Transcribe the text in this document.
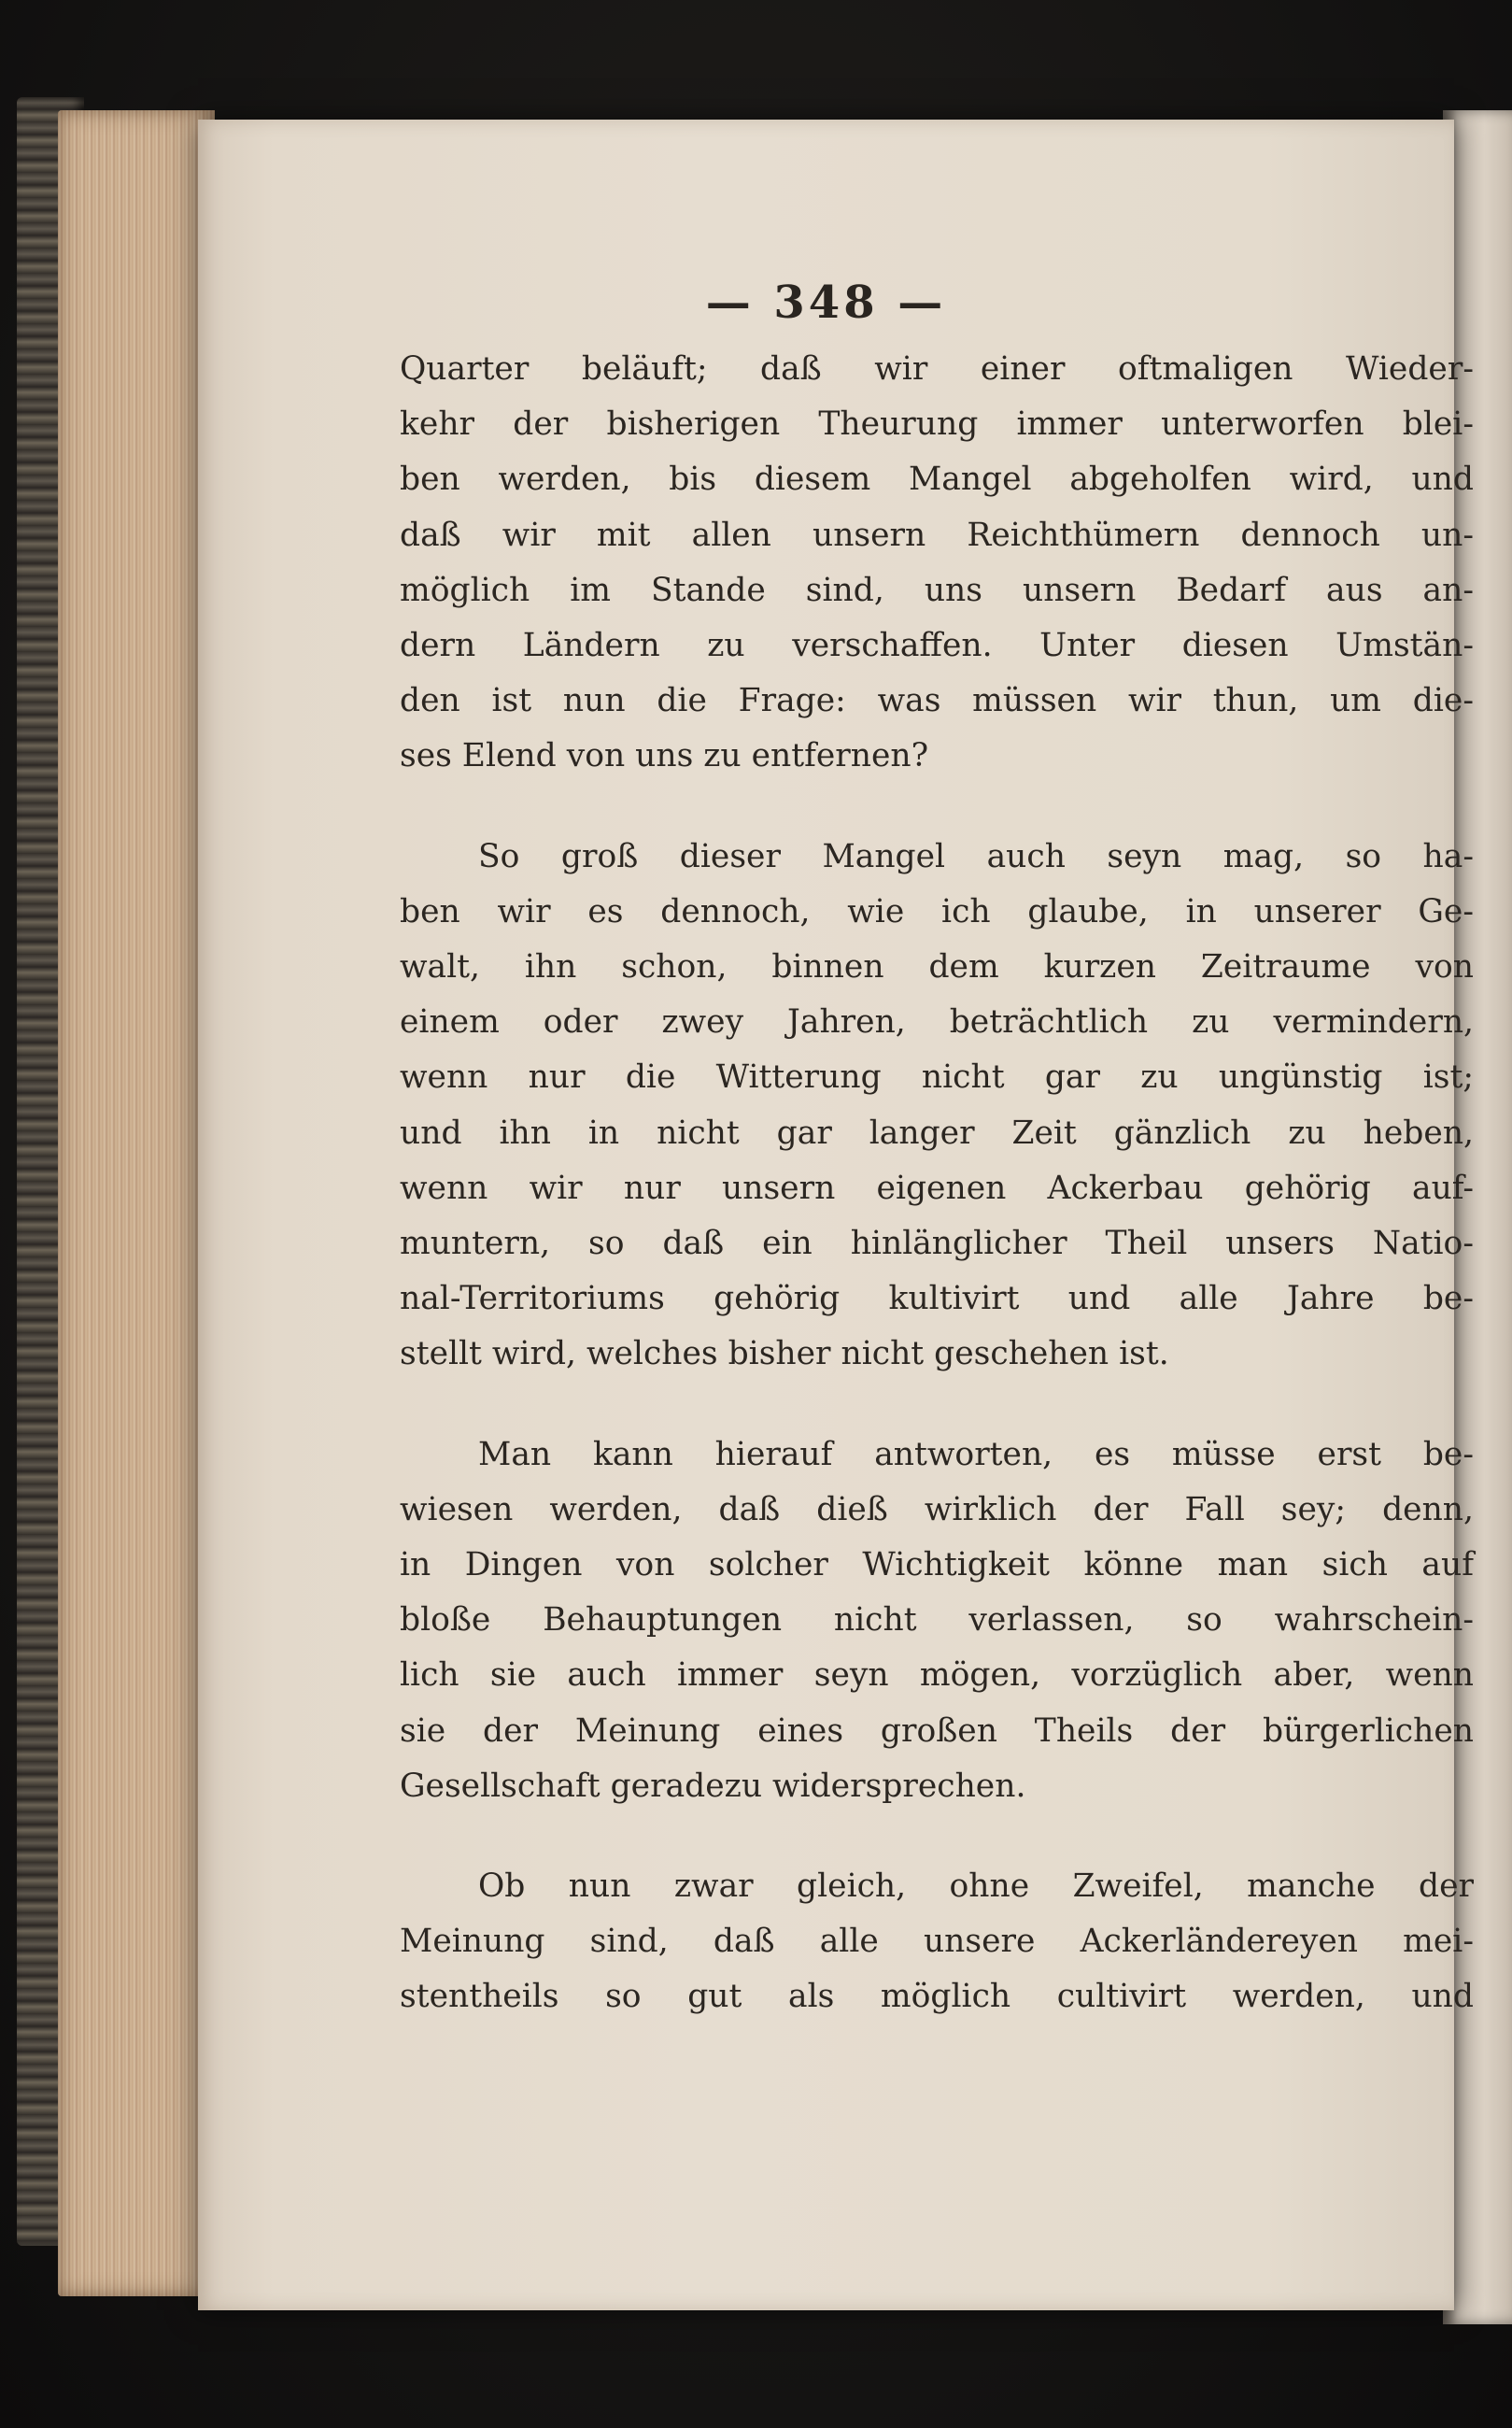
— 348 —
Quarter beläuft; daß wir einer oftmaligen Wieder-
kehr der bisherigen Theurung immer unterworfen blei-
ben werden, bis diesem Mangel abgeholfen wird, und
daß wir mit allen unsern Reichthümern dennoch un-
möglich im Stande sind, uns unsern Bedarf aus an-
dern Ländern zu verschaffen. Unter diesen Umstän-
den ist nun die Frage: was müssen wir thun, um die-
ses Elend von uns zu entfernen?
So groß dieser Mangel auch seyn mag, so ha-
ben wir es dennoch, wie ich glaube, in unserer Ge-
walt, ihn schon, binnen dem kurzen Zeitraume von
einem oder zwey Jahren, beträchtlich zu vermindern,
wenn nur die Witterung nicht gar zu ungünstig ist;
und ihn in nicht gar langer Zeit gänzlich zu heben,
wenn wir nur unsern eigenen Ackerbau gehörig auf-
muntern, so daß ein hinlänglicher Theil unsers Natio-
nal-Territoriums gehörig kultivirt und alle Jahre be-
stellt wird, welches bisher nicht geschehen ist.
Man kann hierauf antworten, es müsse erst be-
wiesen werden, daß dieß wirklich der Fall sey; denn,
in Dingen von solcher Wichtigkeit könne man sich auf
bloße Behauptungen nicht verlassen, so wahrschein-
lich sie auch immer seyn mögen, vorzüglich aber, wenn
sie der Meinung eines großen Theils der bürgerlichen
Gesellschaft geradezu widersprechen.
Ob nun zwar gleich, ohne Zweifel, manche der
Meinung sind, daß alle unsere Ackerländereyen mei-
stentheils so gut als möglich cultivirt werden, und
